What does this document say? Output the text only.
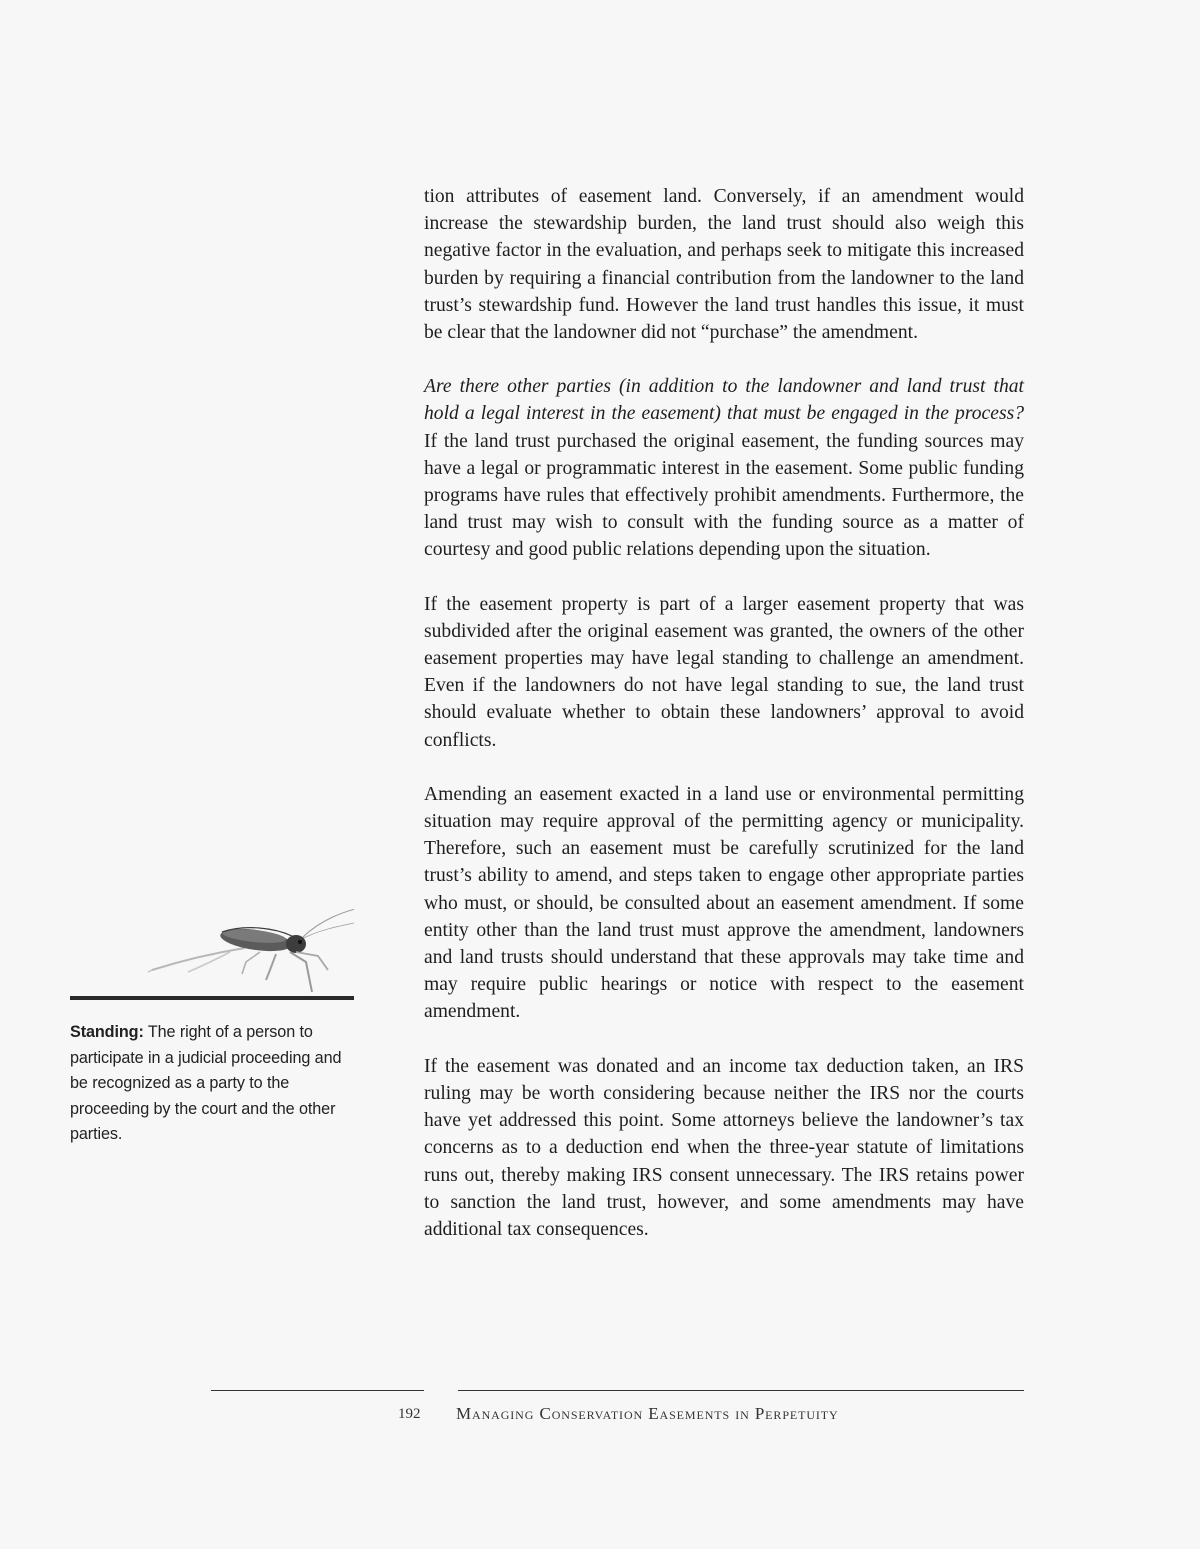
tion attributes of easement land. Conversely, if an amendment would increase the stewardship burden, the land trust should also weigh this negative factor in the evaluation, and perhaps seek to mitigate this increased burden by requiring a financial contribution from the landowner to the land trust’s stewardship fund. However the land trust handles this issue, it must be clear that the landowner did not “purchase” the amendment.

Are there other parties (in addition to the landowner and land trust that hold a legal interest in the easement) that must be engaged in the process? If the land trust purchased the original easement, the funding sources may have a legal or programmatic interest in the easement. Some public funding programs have rules that effectively prohibit amendments. Furthermore, the land trust may wish to consult with the funding source as a matter of courtesy and good public relations depending upon the situation.

If the easement property is part of a larger easement property that was subdivided after the original easement was granted, the owners of the other easement properties may have legal standing to challenge an amendment. Even if the landowners do not have legal standing to sue, the land trust should evaluate whether to obtain these landowners’ approval to avoid conflicts.

Amending an easement exacted in a land use or environmental permitting situation may require approval of the permitting agency or municipality. Therefore, such an easement must be carefully scrutinized for the land trust’s ability to amend, and steps taken to engage other appropriate parties who must, or should, be consulted about an easement amendment. If some entity other than the land trust must approve the amendment, landowners and land trusts should understand that these approvals may take time and may require public hearings or notice with respect to the easement amendment.

If the easement was donated and an income tax deduction taken, an IRS ruling may be worth considering because neither the IRS nor the courts have yet addressed this point. Some attorneys believe the landowner’s tax concerns as to a deduction end when the three-year statute of limitations runs out, thereby making IRS consent unnecessary. The IRS retains power to sanction the land trust, however, and some amendments may have additional tax consequences.

Standing: The right of a person to participate in a judicial proceeding and be recognized as a party to the proceeding by the court and the other parties.
192 Managing Conservation Easements in Perpetuity
